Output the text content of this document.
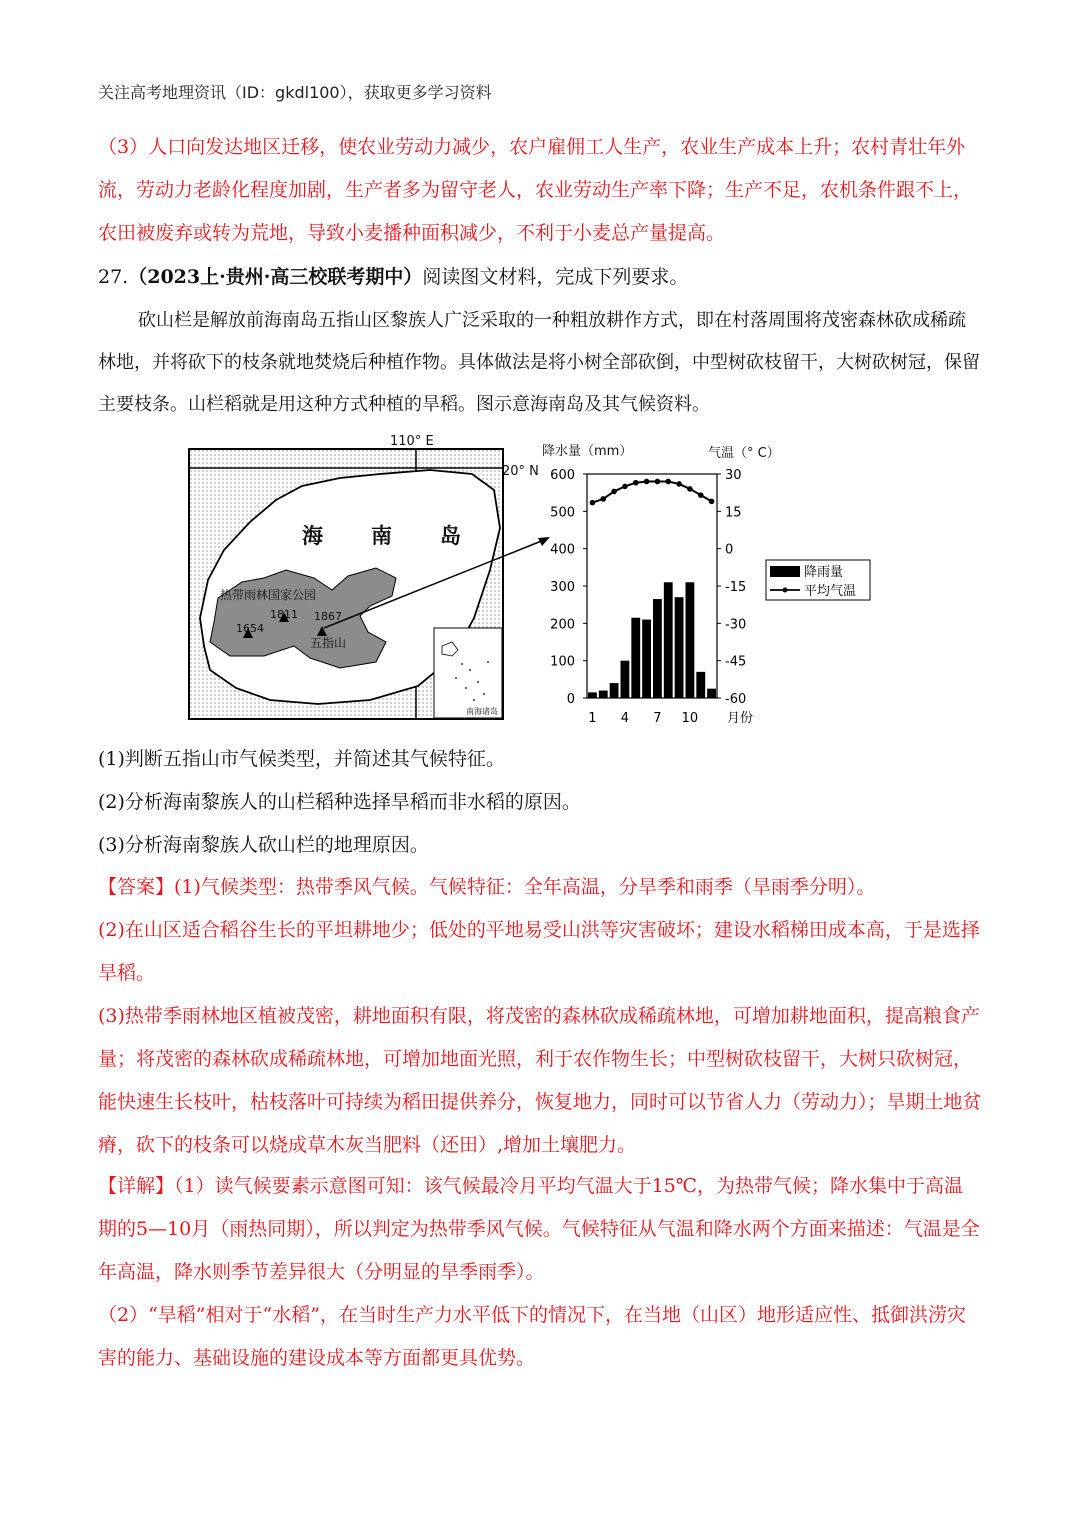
关注高考地理资讯（ID：gkdl100），获取更多学习资料
（3）人口向发达地区迁移，使农业劳动力减少，农户雇佣工人生产，农业生产成本上升；农村青壮年外流，劳动力老龄化程度加剧，生产者多为留守老人，农业劳动生产率下降；生产不足，农机条件跟不上，农田被废弃或转为荒地，导致小麦播种面积减少，不利于小麦总产量提高。
27.（2023上·贵州·高三校联考期中）阅读图文材料，完成下列要求。
砍山栏是解放前海南岛五指山区黎族人广泛采取的一种粗放耕作方式，即在村落周围将茂密森林砍成稀疏林地，并将砍下的枝条就地焚烧后种植作物。具体做法是将小树全部砍倒，中型树砍枝留干，大树砍树冠，保留主要枝条。山栏稻就是用这种方式种植的旱稻。图示意海南岛及其气候资料。
110° E
20° N
海 南 岛
热带雨林国家公园
1654
1811 1867
五指山
南海诸岛
降水量（mm）	气温（° C）
0
100
200
300
400
500
600	30
15
0
-15
-30
-45
-60
1 4 7 10 月份
降雨量
平均气温
(1)判断五指山市气候类型，并简述其气候特征。
(2)分析海南黎族人的山栏稻种选择旱稻而非水稻的原因。
(3)分析海南黎族人砍山栏的地理原因。
【答案】(1)气候类型：热带季风气候。气候特征：全年高温，分旱季和雨季（旱雨季分明）。
(2)在山区适合稻谷生长的平坦耕地少；低处的平地易受山洪等灾害破坏；建设水稻梯田成本高，于是选择旱稻。
(3)热带季雨林地区植被茂密，耕地面积有限，将茂密的森林砍成稀疏林地，可增加耕地面积，提高粮食产量；将茂密的森林砍成稀疏林地，可增加地面光照，利于农作物生长；中型树砍枝留干，大树只砍树冠，能快速生长枝叶，枯枝落叶可持续为稻田提供养分，恢复地力，同时可以节省人力（劳动力）；旱期土地贫瘠，砍下的枝条可以烧成草木灰当肥料（还田）,增加土壤肥力。
【详解】（1）读气候要素示意图可知：该气候最冷月平均气温大于15℃，为热带气候；降水集中于高温期的5—10月（雨热同期），所以判定为热带季风气候。气候特征从气温和降水两个方面来描述：气温是全年高温，降水则季节差异很大（分明显的旱季雨季）。
（2）“旱稻”相对于“水稻”，在当时生产力水平低下的情况下，在当地（山区）地形适应性、抵御洪涝灾害的能力、基础设施的建设成本等方面都更具优势。
